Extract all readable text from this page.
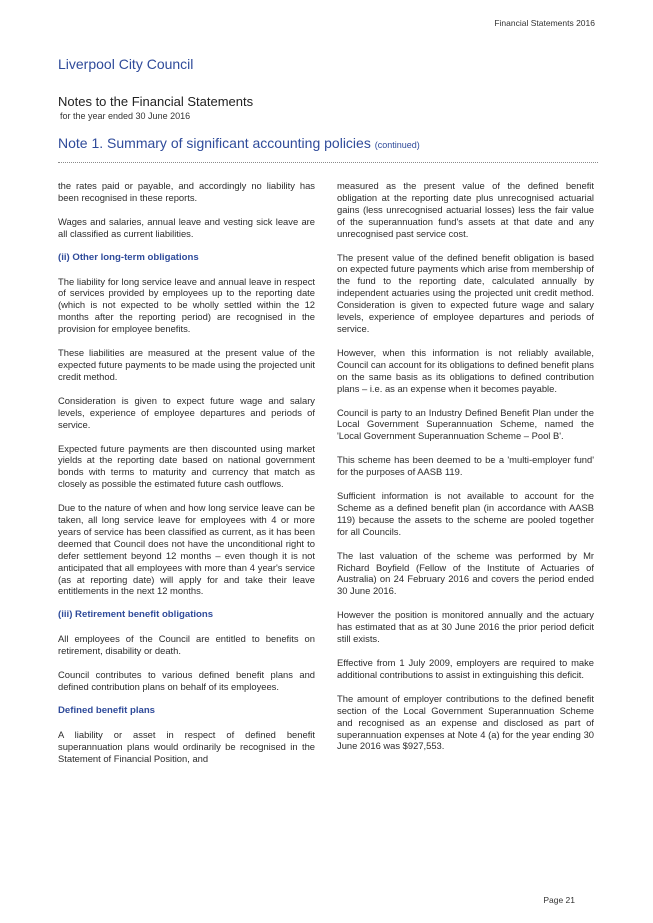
Financial Statements 2016
Liverpool City Council
Notes to the Financial Statements
for the year ended 30 June 2016
Note 1. Summary of significant accounting policies (continued)

the rates paid or payable, and accordingly no liability has been recognised in these reports.

Wages and salaries, annual leave and vesting sick leave are all classified as current liabilities.

(ii) Other long-term obligations

The liability for long service leave and annual leave in respect of services provided by employees up to the reporting date (which is not expected to be wholly settled within the 12 months after the reporting period) are recognised in the provision for employee benefits.

These liabilities are measured at the present value of the expected future payments to be made using the projected unit credit method.

Consideration is given to expect future wage and salary levels, experience of employee departures and periods of service.

Expected future payments are then discounted using market yields at the reporting date based on national government bonds with terms to maturity and currency that match as closely as possible the estimated future cash outflows.

Due to the nature of when and how long service leave can be taken, all long service leave for employees with 4 or more years of service has been classified as current, as it has been deemed that Council does not have the unconditional right to defer settlement beyond 12 months – even though it is not anticipated that all employees with more than 4 year's service (as at reporting date) will apply for and take their leave entitlements in the next 12 months.

(iii) Retirement benefit obligations

All employees of the Council are entitled to benefits on retirement, disability or death.

Council contributes to various defined benefit plans and defined contribution plans on behalf of its employees.

Defined benefit plans

A liability or asset in respect of defined benefit superannuation plans would ordinarily be recognised in the Statement of Financial Position, and

measured as the present value of the defined benefit obligation at the reporting date plus unrecognised actuarial gains (less unrecognised actuarial losses) less the fair value of the superannuation fund's assets at that date and any unrecognised past service cost.

The present value of the defined benefit obligation is based on expected future payments which arise from membership of the fund to the reporting date, calculated annually by independent actuaries using the projected unit credit method. Consideration is given to expected future wage and salary levels, experience of employee departures and periods of service.

However, when this information is not reliably available, Council can account for its obligations to defined benefit plans on the same basis as its obligations to defined contribution plans – i.e. as an expense when it becomes payable.

Council is party to an Industry Defined Benefit Plan under the Local Government Superannuation Scheme, named the 'Local Government Superannuation Scheme – Pool B'.

This scheme has been deemed to be a 'multi-employer fund' for the purposes of AASB 119.

Sufficient information is not available to account for the Scheme as a defined benefit plan (in accordance with AASB 119) because the assets to the scheme are pooled together for all Councils.

The last valuation of the scheme was performed by Mr Richard Boyfield (Fellow of the Institute of Actuaries of Australia) on 24 February 2016 and covers the period ended 30 June 2016.

However the position is monitored annually and the actuary has estimated that as at 30 June 2016 the prior period deficit still exists.

Effective from 1 July 2009, employers are required to make additional contributions to assist in extinguishing this deficit.

The amount of employer contributions to the defined benefit section of the Local Government Superannuation Scheme and recognised as an expense and disclosed as part of superannuation expenses at Note 4 (a) for the year ending 30 June 2016 was $927,553.

Page 21
